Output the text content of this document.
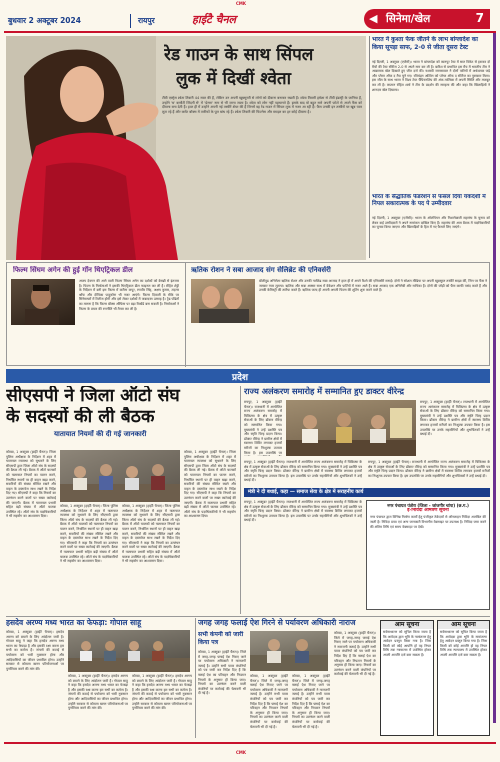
CMK
बुधवार 2 अक्टूबर 2024	रायपुर	हाईटै चैनल	◀ सिनेमा/खेल	7
रेड गाउन के साथ सिंपल
लुक में दिखीं श्वेता
टीवी एक्ट्रेस श्वेता तिवारी 44 साल की हैं, लेकिन उन अपनी खूबसूरती से लोगों को दीवाना बनाकर रखती हैं। श्वेता तिवारी हमेशा से टीवी इंडस्ट्री के जानिया हैं, उन्होंने 'ब' कसौटी जिंदगी से' में 'प्रेरणा' नाम से भी जाना जाता है। श्वेता को लोग नहीं पहचानते हैं। इसके बाद वो बहुत सारे अपनी फोटो से अपने फैंस को दीवाना बना देती हैं। हाल ही में उन्होंने अपनी नई तस्वीरें शेयर की हैं जिनमें वह रेड गाउन में सिंपल लुक में नजर आ रही हैं। फैंस उनकी इन तस्वीरों पर खूब प्यार लुटा रहे हैं और कमेंट बॉक्स में तारीफों के पुल बांध रहे हैं। श्वेता तिवारी की फिटनेस और स्टाइल का हर कोई दीवाना है।
भारत ने कुश्ता फेक जीतने के लाभ बांग्लादेश का किया सूपड़ा साफ, 2-0 से जीता दूसरा टेस्ट
नई दिल्ली, 1 अक्टूबर (एजेंसी)। भारत ने बांग्लादेश को कानपुर टेस्ट में सात विकेट से हराकर दो मैचों की टेस्ट सीरीज 2-0 से अपने नाम कर ली है। बारिश से प्रभावित इस मैच में भारतीय टीम ने आक्रामक खेल दिखाते हुए जीत दर्ज की। यशस्वी जायसवाल ने दोनों पारियों में अर्धशतक जड़े और प्लेयर ऑफ द मैच चुने गए। रविचंद्रन अश्विन को प्लेयर ऑफ द सीरीज का पुरस्कार मिला। इस जीत के साथ भारत ने विश्व टेस्ट चैंपियनशिप की अंक तालिका में अपनी स्थिति और मजबूत कर ली है। कप्तान रोहित शर्मा ने टीम के प्रदर्शन की सराहना की और कहा कि खिलाड़ियों ने शानदार खेल दिखाया।
भारत के सैद्धांतिक फेडरेशन से फसल दिया यकदर्शी में निपल सकारात्मक के पद पे उम्मीदवार
नई दिल्ली, 1 अक्टूबर (एजेंसी)। भारत के ओलंपियन और निशानेबाजी महासंघ के चुनाव को लेकर कई उम्मीदवारों ने अपने नामांकन दाखिल किए हैं। महासंघ की आम बैठक में पदाधिकारियों का चुनाव किया जाएगा और खिलाड़ियों के हित में नए फैसले लिए जाएंगे।
फिल्म सिंघम अगेन की हुई गॉन थिएट्रिकल डील
अजय देवगन की आने वाली फिल्म सिंघम अगेन का दर्शकों को बेसब्री से इंतजार है। फिल्म के निर्माताओं ने इसकी थिएट्रिकल डील फाइनल कर ली है। रोहित शेट्टी के निर्देशन में बनी इस फिल्म में करीना कपूर, रणवीर सिंह, अक्षय कुमार, टाइगर श्रॉफ और दीपिका पादुकोण भी नजर आएंगे। फिल्म दिवाली के मौके पर सिनेमाघरों में रिलीज होगी और इसे लेकर दर्शकों में जबरदस्त उत्साह है। ट्रेड पंडितों का मानना है कि फिल्म बॉक्स ऑफिस पर बड़ा रिकॉर्ड बना सकती है। निर्माताओं ने फिल्म के प्रचार की रणनीति भी तैयार कर ली है।
ऋतिक रोशन ने सबा आजाद संग सेलिब्रेट की एनिवर्सरी
बॉलीवुड अभिनेता ऋतिक रोशन और उनकी गर्लफ्रेंड सबा आजाद ने हाल ही में अपने रिश्ते की एनिवर्सरी मनाई। दोनों ने सोशल मीडिया पर अपनी खूबसूरत तस्वीरें साझा कीं, जिन पर फैंस ने जमकर प्यार लुटाया। ऋतिक और सबा अक्सर साथ में वेकेशन और पार्टियों में नजर आते हैं। सबा आजाद एक अभिनेत्री और गायिका हैं। दोनों की जोड़ी को फैंस काफी पसंद करते हैं और उनकी केमिस्ट्री की तारीफ करते हैं। ऋतिक जल्द ही अपनी अगली फिल्म की शूटिंग शुरू करने वाले हैं।
प्रदेश
सीएसपी ने जिला ऑटो संघ
के सदस्यों की ली बैठक
यातायात नियमों की दी गई जानकारी
कोरबा, 1 अक्टूबर (हाईटै चैनल)। जिला पुलिस अधीक्षक के निर्देशन में शहर में यातायात व्यवस्था को सुधारने के लिए सीएसपी द्वारा जिला ऑटो संघ के सदस्यों की बैठक ली गई। बैठक में ऑटो चालकों को यातायात नियमों का पालन करने, निर्धारित स्थानों पर ही वाहन खड़ा करने, सवारियों की संख्या सीमित रखने और वाहन के दस्तावेज साथ रखने के निर्देश दिए गए। सीएसपी ने कहा कि नियमों का उल्लंघन करने वालों पर सख्त कार्रवाई की जाएगी। बैठक में यातायात प्रभारी सहित बड़ी संख्या में ऑटो चालक उपस्थित रहे। ऑटो संघ के पदाधिकारियों ने भी सहयोग का आश्वासन दिया।
कोरबा, 1 अक्टूबर (हाईटै चैनल)। जिला पुलिस अधीक्षक के निर्देशन में शहर में यातायात व्यवस्था को सुधारने के लिए सीएसपी द्वारा जिला ऑटो संघ के सदस्यों की बैठक ली गई। बैठक में ऑटो चालकों को यातायात नियमों का पालन करने, निर्धारित स्थानों पर ही वाहन खड़ा करने, सवारियों की संख्या सीमित रखने और वाहन के दस्तावेज साथ रखने के निर्देश दिए गए। सीएसपी ने कहा कि नियमों का उल्लंघन करने वालों पर सख्त कार्रवाई की जाएगी। बैठक में यातायात प्रभारी सहित बड़ी संख्या में ऑटो चालक उपस्थित रहे। ऑटो संघ के पदाधिकारियों ने भी सहयोग का आश्वासन दिया।
कोरबा, 1 अक्टूबर (हाईटै चैनल)। जिला पुलिस अधीक्षक के निर्देशन में शहर में यातायात व्यवस्था को सुधारने के लिए सीएसपी द्वारा जिला ऑटो संघ के सदस्यों की बैठक ली गई। बैठक में ऑटो चालकों को यातायात नियमों का पालन करने, निर्धारित स्थानों पर ही वाहन खड़ा करने, सवारियों की संख्या सीमित रखने और वाहन के दस्तावेज साथ रखने के निर्देश दिए गए। सीएसपी ने कहा कि नियमों का उल्लंघन करने वालों पर सख्त कार्रवाई की जाएगी। बैठक में यातायात प्रभारी सहित बड़ी संख्या में ऑटो चालक उपस्थित रहे। ऑटो संघ के पदाधिकारियों ने भी सहयोग का आश्वासन दिया।
कोरबा, 1 अक्टूबर (हाईटै चैनल)। जिला पुलिस अधीक्षक के निर्देशन में शहर में यातायात व्यवस्था को सुधारने के लिए सीएसपी द्वारा जिला ऑटो संघ के सदस्यों की बैठक ली गई। बैठक में ऑटो चालकों को यातायात नियमों का पालन करने, निर्धारित स्थानों पर ही वाहन खड़ा करने, सवारियों की संख्या सीमित रखने और वाहन के दस्तावेज साथ रखने के निर्देश दिए गए। सीएसपी ने कहा कि नियमों का उल्लंघन करने वालों पर सख्त कार्रवाई की जाएगी। बैठक में यातायात प्रभारी सहित बड़ी संख्या में ऑटो चालक उपस्थित रहे। ऑटो संघ के पदाधिकारियों ने भी सहयोग का आश्वासन दिया।
राज्य अलंकरण समारोह में सम्मानित हुए डाक्टर वीरेन्द्र
रायपुर, 1 अक्टूबर (हाईटै चैनल)। राजधानी में आयोजित राज्य अलंकरण समारोह में चिकित्सा के क्षेत्र में उत्कृष्ट सेवाओं के लिए डॉक्टर वीरेन्द्र को सम्मानित किया गया। मुख्यमंत्री ने उन्हें प्रशस्ति पत्र और स्मृति चिन्ह प्रदान किया। डॉक्टर वीरेन्द्र ने ग्रामीण क्षेत्रों में स्वास्थ्य शिविर लगाकर हजारों मरीजों का निःशुल्क उपचार किया है। इस उपलब्धि पर
रायपुर, 1 अक्टूबर (हाईटै चैनल)। राजधानी में आयोजित राज्य अलंकरण समारोह में चिकित्सा के क्षेत्र में उत्कृष्ट सेवाओं के लिए डॉक्टर वीरेन्द्र को सम्मानित किया गया। मुख्यमंत्री ने उन्हें प्रशस्ति पत्र और स्मृति चिन्ह प्रदान किया। डॉक्टर वीरेन्द्र ने ग्रामीण क्षेत्रों में स्वास्थ्य शिविर लगाकर हजारों मरीजों का निःशुल्क उपचार किया है। इस उपलब्धि पर उनके सहयोगियों और शुभचिंतकों ने उन्हें बधाई दी।
रायपुर, 1 अक्टूबर (हाईटै चैनल)। राजधानी में आयोजित राज्य अलंकरण समारोह में चिकित्सा के क्षेत्र में उत्कृष्ट सेवाओं के लिए डॉक्टर वीरेन्द्र को सम्मानित किया गया। मुख्यमंत्री ने उन्हें प्रशस्ति पत्र और स्मृति चिन्ह प्रदान किया। डॉक्टर वीरेन्द्र ने ग्रामीण क्षेत्रों में स्वास्थ्य शिविर लगाकर हजारों मरीजों का निःशुल्क उपचार किया है। इस उपलब्धि पर उनके सहयोगियों और शुभचिंतकों ने उन्हें बधाई दी।
रायपुर, 1 अक्टूबर (हाईटै चैनल)। राजधानी में आयोजित राज्य अलंकरण समारोह में चिकित्सा के क्षेत्र में उत्कृष्ट सेवाओं के लिए डॉक्टर वीरेन्द्र को सम्मानित किया गया। मुख्यमंत्री ने उन्हें प्रशस्ति पत्र और स्मृति चिन्ह प्रदान किया। डॉक्टर वीरेन्द्र ने ग्रामीण क्षेत्रों में स्वास्थ्य शिविर लगाकर हजारों मरीजों का निःशुल्क उपचार किया है। इस उपलब्धि पर उनके सहयोगियों और शुभचिंतकों ने उन्हें बधाई दी।
मंत्री ने दी बधाई, कहा — समाज सेवा के क्षेत्र में सराहनीय कार्य
रायपुर, 1 अक्टूबर (हाईटै चैनल)। राजधानी में आयोजित राज्य अलंकरण समारोह में चिकित्सा के क्षेत्र में उत्कृष्ट सेवाओं के लिए डॉक्टर वीरेन्द्र को सम्मानित किया गया। मुख्यमंत्री ने उन्हें प्रशस्ति पत्र और स्मृति चिन्ह प्रदान किया। डॉक्टर वीरेन्द्र ने ग्रामीण क्षेत्रों में स्वास्थ्य शिविर लगाकर हजारों मरीजों का निःशुल्क उपचार किया है। इस उपलब्धि पर उनके सहयोगियों और शुभचिंतकों ने उन्हें बधाई दी।
नगर पंचायत पंतोरा (जिला - जांजगीर चांपा) (छ.ग.)
ई-निविदा आमंत्रण सूचना
नगर पंचायत द्वारा विभिन्न निर्माण कार्यों हेतु पंजीकृत ठेकेदारों से ऑनलाइन निविदा आमंत्रित की जाती है। निविदा प्रपत्र एवं अन्य जानकारी विभागीय वेबसाइट पर उपलब्ध है। निविदा जमा करने की अंतिम तिथि एवं समय वेबसाइट पर देखें।
हसदेव अरण्य मध्य भारत का फेफड़ा: गोपाल साहू
कोरबा, 1 अक्टूबर (हाईटै चैनल)। हसदेव अरण्य को बचाने के लिए आंदोलन जारी है। गोपाल साहू ने कहा कि हसदेव अरण्य मध्य भारत का फेफड़ा है और इसकी रक्षा करना हम सभी का कर्तव्य है। जंगलों की कटाई से पर्यावरण को भारी नुकसान होगा और आदिवासियों का जीवन प्रभावित होगा। उन्होंने सरकार से कोयला खनन परियोजनाओं पर पुनर्विचार करने की मांग की।
कोरबा, 1 अक्टूबर (हाईटै चैनल)। हसदेव अरण्य को बचाने के लिए आंदोलन जारी है। गोपाल साहू ने कहा कि हसदेव अरण्य मध्य भारत का फेफड़ा है और इसकी रक्षा करना हम सभी का कर्तव्य है। जंगलों की कटाई से पर्यावरण को भारी नुकसान होगा और आदिवासियों का जीवन प्रभावित होगा। उन्होंने सरकार से कोयला खनन परियोजनाओं पर पुनर्विचार करने की मांग की।
कोरबा, 1 अक्टूबर (हाईटै चैनल)। हसदेव अरण्य को बचाने के लिए आंदोलन जारी है। गोपाल साहू ने कहा कि हसदेव अरण्य मध्य भारत का फेफड़ा है और इसकी रक्षा करना हम सभी का कर्तव्य है। जंगलों की कटाई से पर्यावरण को भारी नुकसान होगा और आदिवासियों का जीवन प्रभावित होगा। उन्होंने सरकार से कोयला खनन परियोजनाओं पर पुनर्विचार करने की मांग की।
जगह जगह फलाई ऐश गिरने से पर्यावरण अधिकारी नाराज
सभी कंपनी को जारी किया पत्र
कोरबा, 1 अक्टूबर (हाईटै चैनल)। जिले में जगह-जगह फ्लाई ऐश गिराए जाने पर पर्यावरण अधिकारी ने नाराजगी जताई है। उन्होंने सभी पावर कंपनियों को पत्र जारी कर निर्देश दिए हैं कि फ्लाई ऐश का परिवहन और निपटान नियमों के अनुसार ही किया जाए। नियमों का उल्लंघन करने वाली कंपनियों पर कार्रवाई की चेतावनी भी दी गई है।
कोरबा, 1 अक्टूबर (हाईटै चैनल)। जिले में जगह-जगह फ्लाई ऐश गिराए जाने पर पर्यावरण अधिकारी ने नाराजगी जताई है। उन्होंने सभी पावर कंपनियों को पत्र जारी कर निर्देश दिए हैं कि फ्लाई ऐश का परिवहन और निपटान नियमों के अनुसार ही किया जाए। नियमों का उल्लंघन करने वाली कंपनियों पर कार्रवाई की चेतावनी भी दी गई है।
कोरबा, 1 अक्टूबर (हाईटै चैनल)। जिले में जगह-जगह फ्लाई ऐश गिराए जाने पर पर्यावरण अधिकारी ने नाराजगी जताई है। उन्होंने सभी पावर कंपनियों को पत्र जारी कर निर्देश दिए हैं कि फ्लाई ऐश का परिवहन और निपटान नियमों के अनुसार ही किया जाए। नियमों का उल्लंघन करने वाली कंपनियों पर कार्रवाई की चेतावनी भी दी गई है।
कोरबा, 1 अक्टूबर (हाईटै चैनल)। जिले में जगह-जगह फ्लाई ऐश गिराए जाने पर पर्यावरण अधिकारी ने नाराजगी जताई है। उन्होंने सभी पावर कंपनियों को पत्र जारी कर निर्देश दिए हैं कि फ्लाई ऐश का परिवहन और निपटान नियमों के अनुसार ही किया जाए। नियमों का उल्लंघन करने वाली कंपनियों पर कार्रवाई की चेतावनी भी दी गई है।
आम सूचना
सर्वसाधारण को सूचित किया जाता है कि आवेदक द्वारा भूमि के नामांतरण हेतु आवेदन प्रस्तुत किया गया है। जिस किसी को कोई आपत्ति हो वह नियत तिथि तक न्यायालय में उपस्थित होकर अपनी आपत्ति दर्ज करा सकता है।
आम सूचना
सर्वसाधारण को सूचित किया जाता है कि आवेदक द्वारा भूमि के नामांतरण हेतु आवेदन प्रस्तुत किया गया है। जिस किसी को कोई आपत्ति हो वह नियत तिथि तक न्यायालय में उपस्थित होकर अपनी आपत्ति दर्ज करा सकता है।
CMK
